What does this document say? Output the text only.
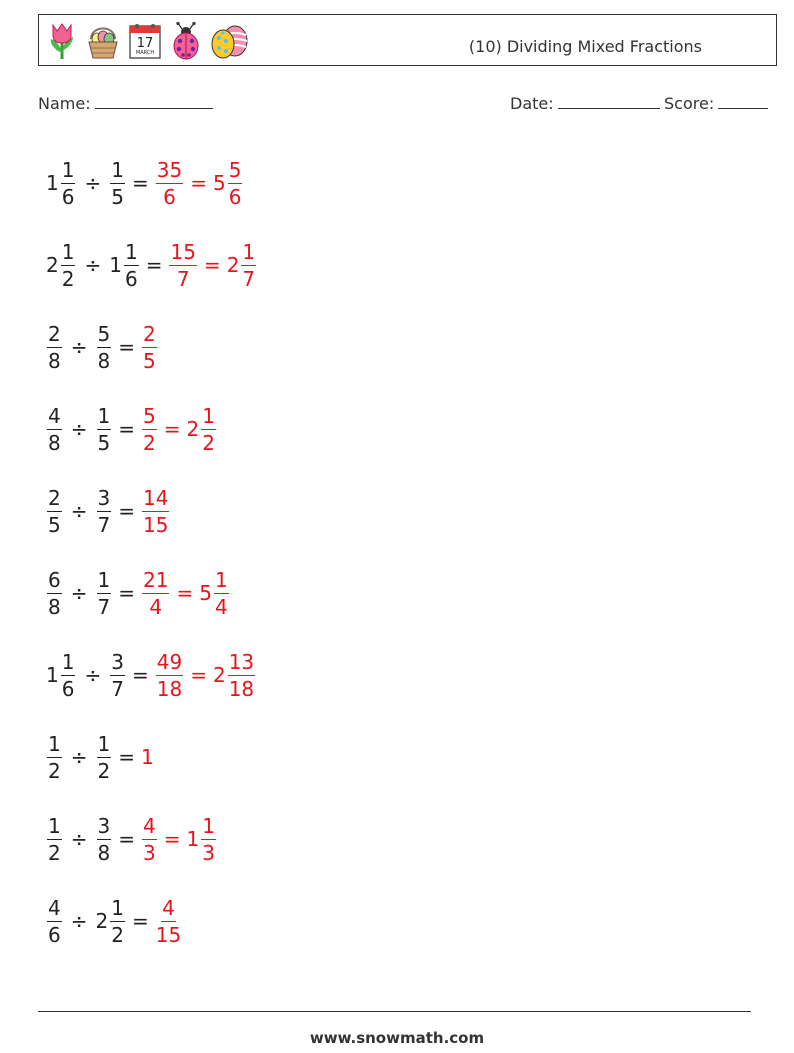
17
MARCH	(10) Dividing Mixed Fractions
Name:	Date:	Score:
$1 \frac{1}{6} \div \frac{1}{5} = \frac{35}{6} = 5 \frac{5}{6}$
$2 \frac{1}{2} \div 1 \frac{1}{6} = \frac{15}{7} = 2 \frac{1}{7}$
$\frac{2}{8} \div \frac{5}{8} = \frac{2}{5}$
$\frac{4}{8} \div \frac{1}{5} = \frac{5}{2} = 2 \frac{1}{2}$
$\frac{2}{5} \div \frac{3}{7} = \frac{14}{15}$
$\frac{6}{8} \div \frac{1}{7} = \frac{21}{4} = 5 \frac{1}{4}$
$1 \frac{1}{6} \div \frac{3}{7} = \frac{49}{18} = 2 \frac{13}{18}$
$\frac{1}{2} \div \frac{1}{2} = 1$
$\frac{1}{2} \div \frac{3}{8} = \frac{4}{3} = 1 \frac{1}{3}$
$\frac{4}{6} \div 2 \frac{1}{2} = \frac{4}{15}$
www.snowmath.com
